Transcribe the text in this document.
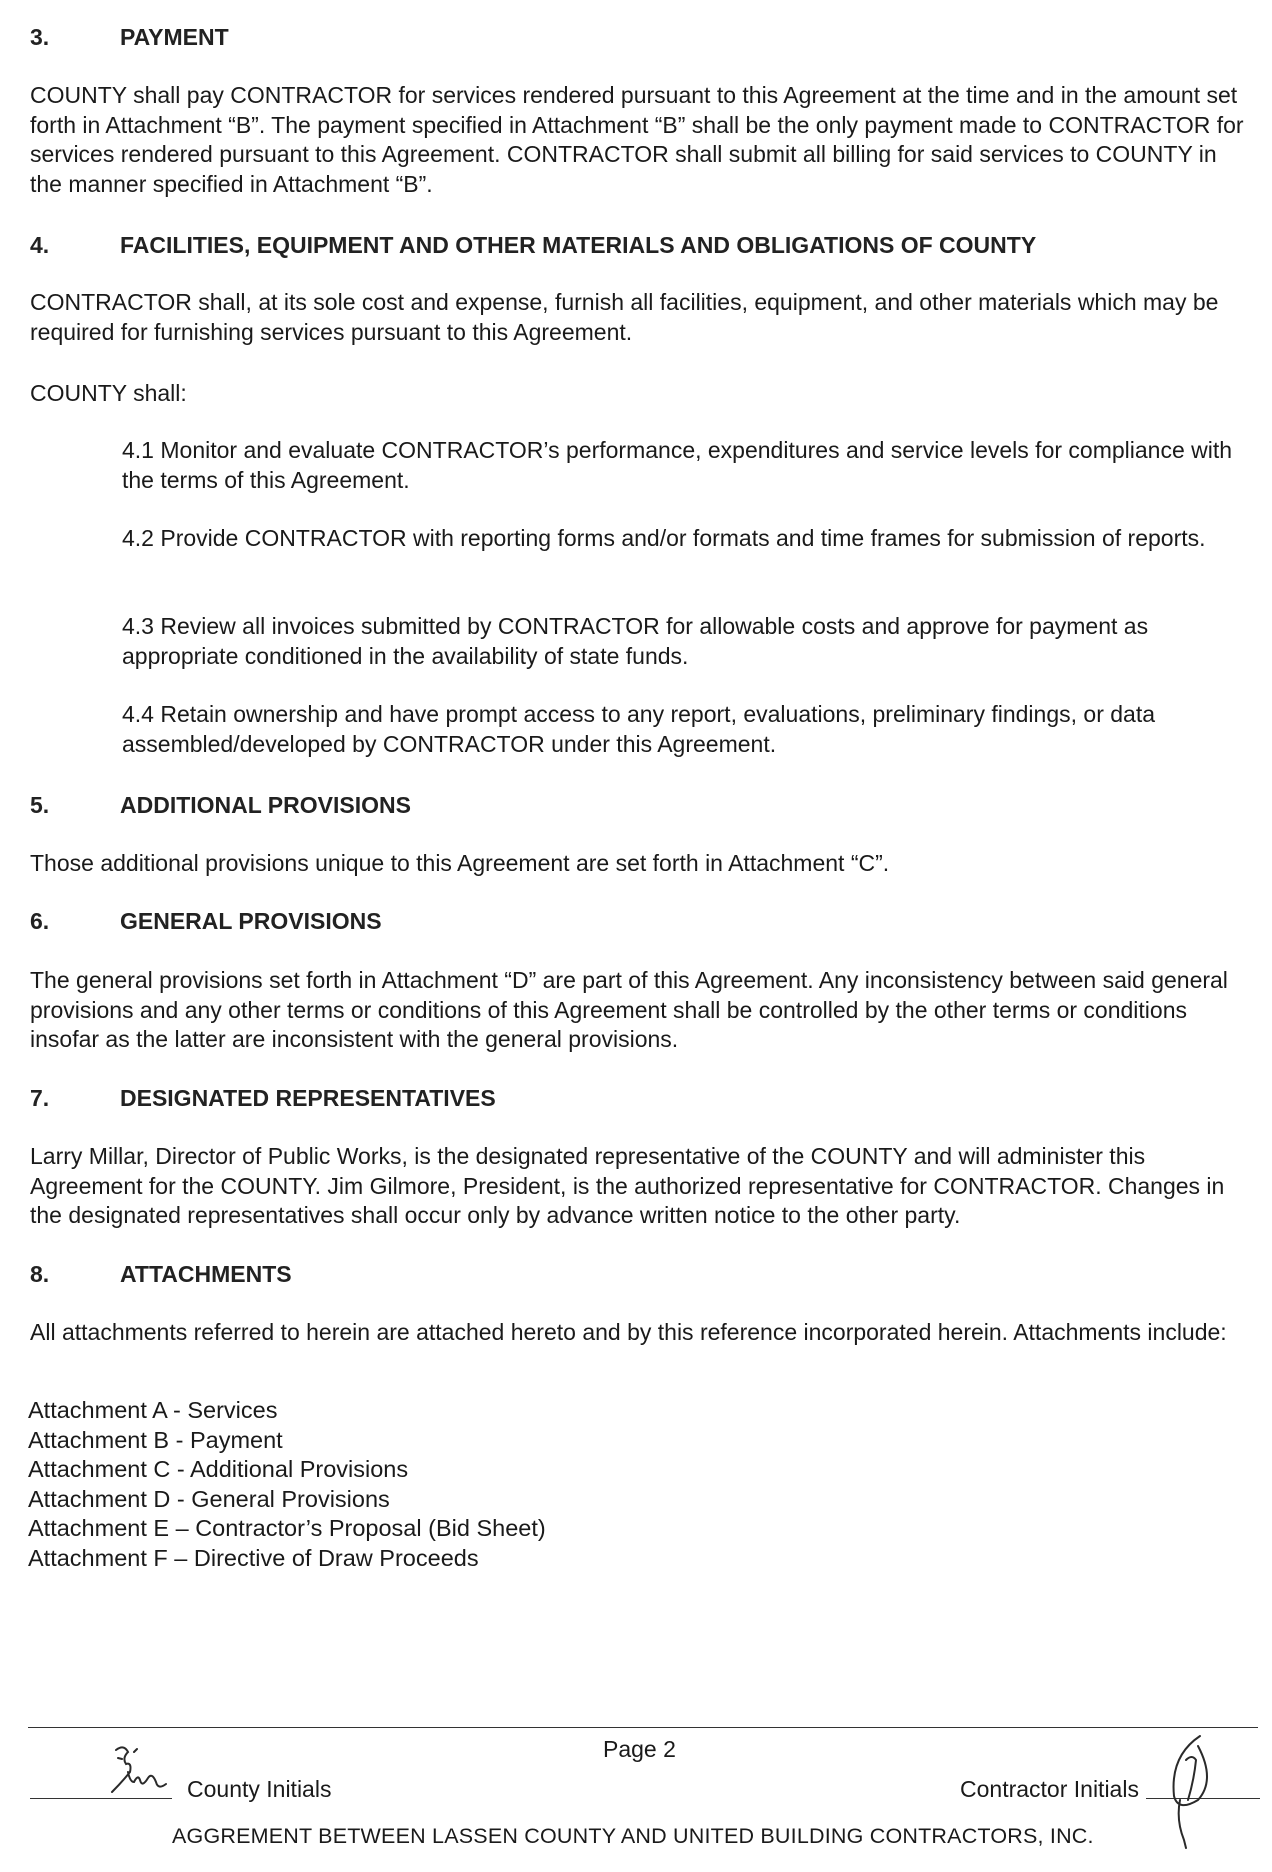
3.	PAYMENT

COUNTY shall pay CONTRACTOR for services rendered pursuant to this Agreement at the time and in the amount set forth in Attachment “B”. The payment specified in Attachment “B” shall be the only payment made to CONTRACTOR for services rendered pursuant to this Agreement. CONTRACTOR shall submit all billing for said services to COUNTY in the manner specified in Attachment “B”.

4.	FACILITIES, EQUIPMENT AND OTHER MATERIALS AND OBLIGATIONS OF COUNTY

CONTRACTOR shall, at its sole cost and expense, furnish all facilities, equipment, and other materials which may be required for furnishing services pursuant to this Agreement.

COUNTY shall:

4.1 Monitor and evaluate CONTRACTOR’s performance, expenditures and service levels for compliance with the terms of this Agreement.

4.2 Provide CONTRACTOR with reporting forms and/or formats and time frames for submission of reports.

4.3 Review all invoices submitted by CONTRACTOR for allowable costs and approve for payment as appropriate conditioned in the availability of state funds.

4.4 Retain ownership and have prompt access to any report, evaluations, preliminary findings, or data assembled/developed by CONTRACTOR under this Agreement.

5.	ADDITIONAL PROVISIONS

Those additional provisions unique to this Agreement are set forth in Attachment “C”.

6.	GENERAL PROVISIONS

The general provisions set forth in Attachment “D” are part of this Agreement. Any inconsistency between said general provisions and any other terms or conditions of this Agreement shall be controlled by the other terms or conditions insofar as the latter are inconsistent with the general provisions.

7.	DESIGNATED REPRESENTATIVES

Larry Millar, Director of Public Works, is the designated representative of the COUNTY and will administer this Agreement for the COUNTY. Jim Gilmore, President, is the authorized representative for CONTRACTOR. Changes in the designated representatives shall occur only by advance written notice to the other party.

8.	ATTACHMENTS

All attachments referred to herein are attached hereto and by this reference incorporated herein. Attachments include:

Attachment A - Services
Attachment B - Payment
Attachment C - Additional Provisions
Attachment D - General Provisions
Attachment E – Contractor’s Proposal (Bid Sheet)
Attachment F – Directive of Draw Proceeds
Page 2
County Initials	Contractor Initials
AGGREMENT BETWEEN LASSEN COUNTY AND UNITED BUILDING CONTRACTORS, INC.
